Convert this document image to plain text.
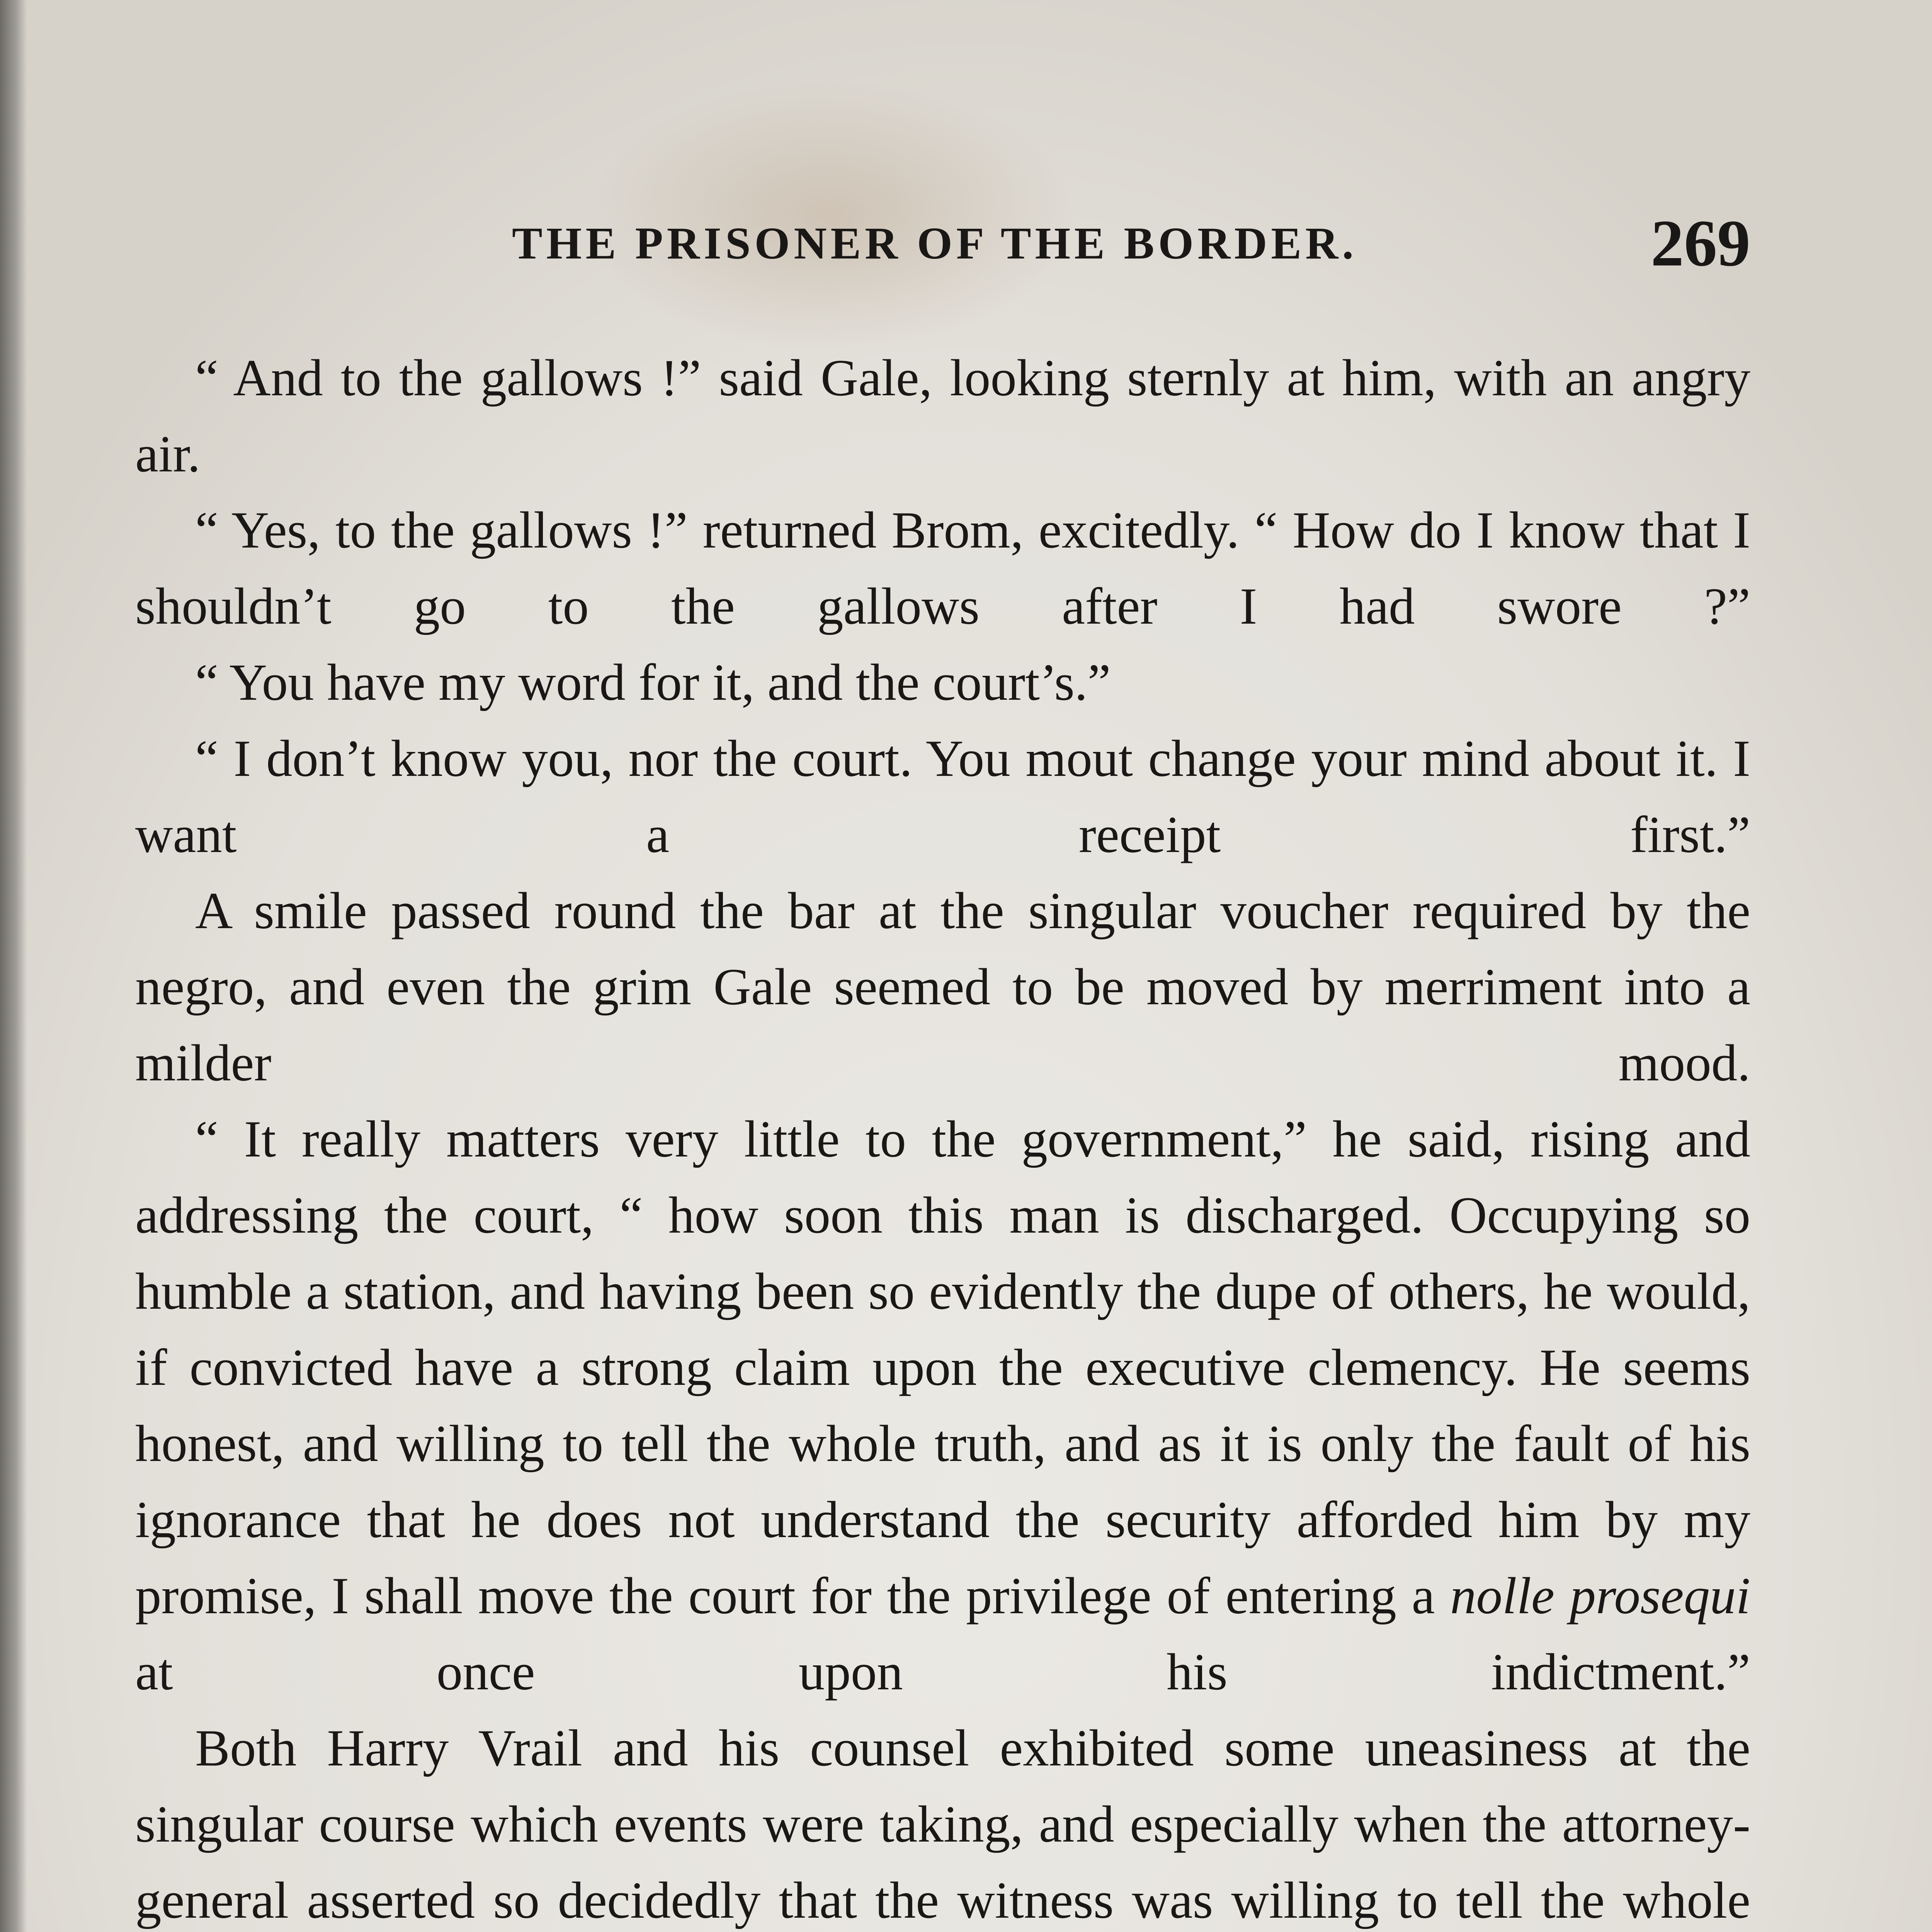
THE PRISONER OF THE BORDER.	269

“ And to the gallows !” said Gale, looking sternly at him, with an angry air.

“ Yes, to the gallows !” returned Brom, excitedly. “ How do I know that I shouldn’t go to the gallows after I had swore ?”

“ You have my word for it, and the court’s.”

“ I don’t know you, nor the court. You mout change your mind about it. I want a receipt first.”

A smile passed round the bar at the singular voucher required by the negro, and even the grim Gale seemed to be moved by merriment into a milder mood.

“ It really matters very little to the government,” he said, rising and addressing the court, “ how soon this man is discharged. Occupying so humble a station, and having been so evidently the dupe of others, he would, if convicted have a strong claim upon the executive clemency. He seems honest, and willing to tell the whole truth, and as it is only the fault of his ignorance that he does not understand the security afforded him by my promise, I shall move the court for the privilege of entering a nolle prosequi at once upon his indictment.”

Both Harry Vrail and his counsel exhibited some uneasiness at the singular course which events were taking, and especially when the attorney-general asserted so decidedly that the witness was willing to tell the whole
